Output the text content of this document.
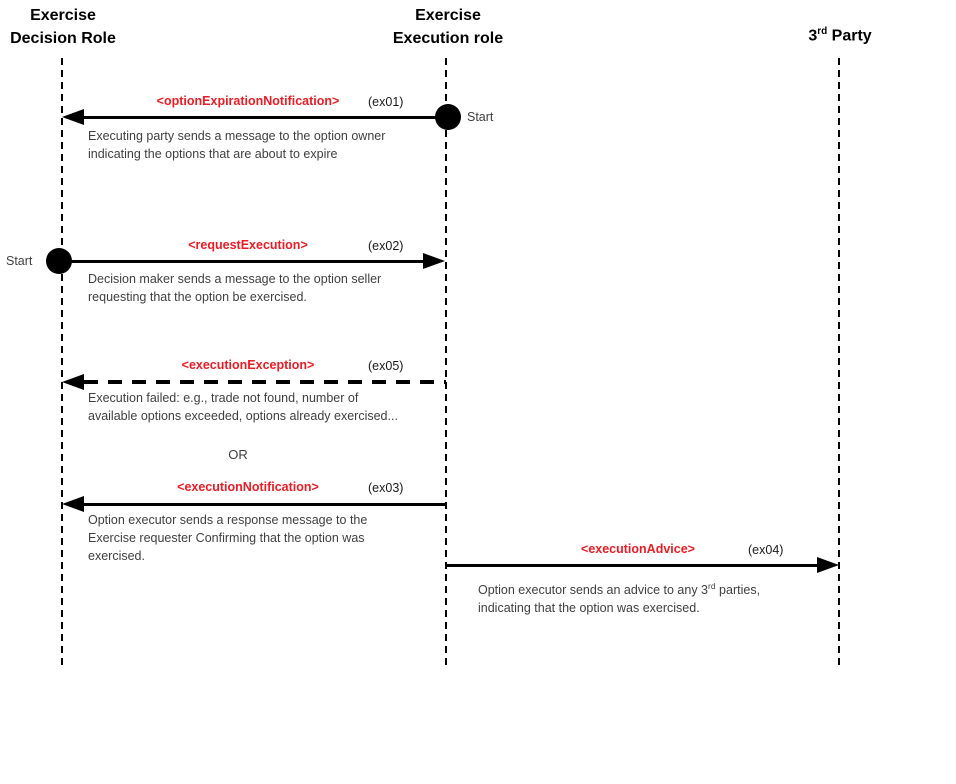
Exercise
Decision Role
Exercise
Execution role	3rd Party
<optionExpirationNotification>	(ex01)
Start
Executing party sends a message to the option owner
indicating the options that are about to expire
<requestExecution>	(ex02)
Start
Decision maker sends a message to the option seller
requesting that the option be exercised.
<executionException>	(ex05)
Execution failed: e.g., trade not found, number of
available options exceeded, options already exercised...
OR
<executionNotification>	(ex03)
Option executor sends a response message to the
Exercise requester Confirming that the option was
exercised.	<executionAdvice>	(ex04)
Option executor sends an advice to any 3rd parties,
indicating that the option was exercised.
